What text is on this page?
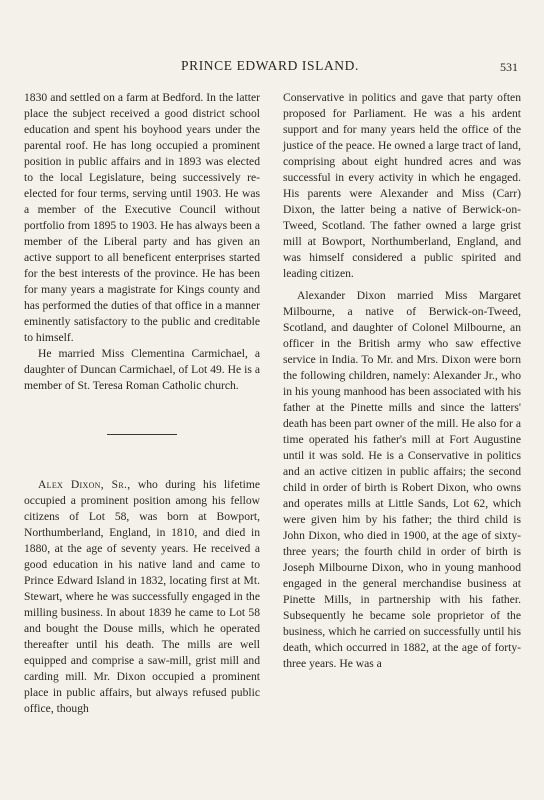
PRINCE EDWARD ISLAND.	531

1830 and settled on a farm at Bedford. In the latter place the subject received a good district school education and spent his boyhood years under the parental roof. He has long occupied a prominent position in public affairs and in 1893 was elected to the local Legislature, being successively re-elected for four terms, serving until 1903. He was a member of the Executive Council without portfolio from 1895 to 1903. He has always been a member of the Liberal party and has given an active support to all beneficent enterprises started for the best interests of the province. He has been for many years a magistrate for Kings county and has performed the duties of that office in a manner eminently satisfactory to the public and creditable to himself.

He married Miss Clementina Carmichael, a daughter of Duncan Carmichael, of Lot 49. He is a member of St. Teresa Roman Catholic church.

Alex Dixon, Sr., who during his lifetime occupied a prominent position among his fellow citizens of Lot 58, was born at Bowport, Northumberland, England, in 1810, and died in 1880, at the age of seventy years. He received a good education in his native land and came to Prince Edward Island in 1832, locating first at Mt. Stewart, where he was successfully engaged in the milling business. In about 1839 he came to Lot 58 and bought the Douse mills, which he operated thereafter until his death. The mills are well equipped and comprise a saw-mill, grist mill and carding mill. Mr. Dixon occupied a prominent place in public affairs, but always refused public office, though

Conservative in politics and gave that party often proposed for Parliament. He was a his ardent support and for many years held the office of the justice of the peace. He owned a large tract of land, comprising about eight hundred acres and was successful in every activity in which he engaged. His parents were Alexander and Miss (Carr) Dixon, the latter being a native of Berwick-on-Tweed, Scotland. The father owned a large grist mill at Bowport, Northumberland, England, and was himself considered a public spirited and leading citizen.

Alexander Dixon married Miss Margaret Milbourne, a native of Berwick-on-Tweed, Scotland, and daughter of Colonel Milbourne, an officer in the British army who saw effective service in India. To Mr. and Mrs. Dixon were born the following children, namely: Alexander Jr., who in his young manhood has been associated with his father at the Pinette mills and since the latters' death has been part owner of the mill. He also for a time operated his father's mill at Fort Augustine until it was sold. He is a Conservative in politics and an active citizen in public affairs; the second child in order of birth is Robert Dixon, who owns and operates mills at Little Sands, Lot 62, which were given him by his father; the third child is John Dixon, who died in 1900, at the age of sixty-three years; the fourth child in order of birth is Joseph Milbourne Dixon, who in young manhood engaged in the general merchandise business at Pinette Mills, in partnership with his father. Subsequently he became sole proprietor of the business, which he carried on successfully until his death, which occurred in 1882, at the age of forty-three years. He was a
